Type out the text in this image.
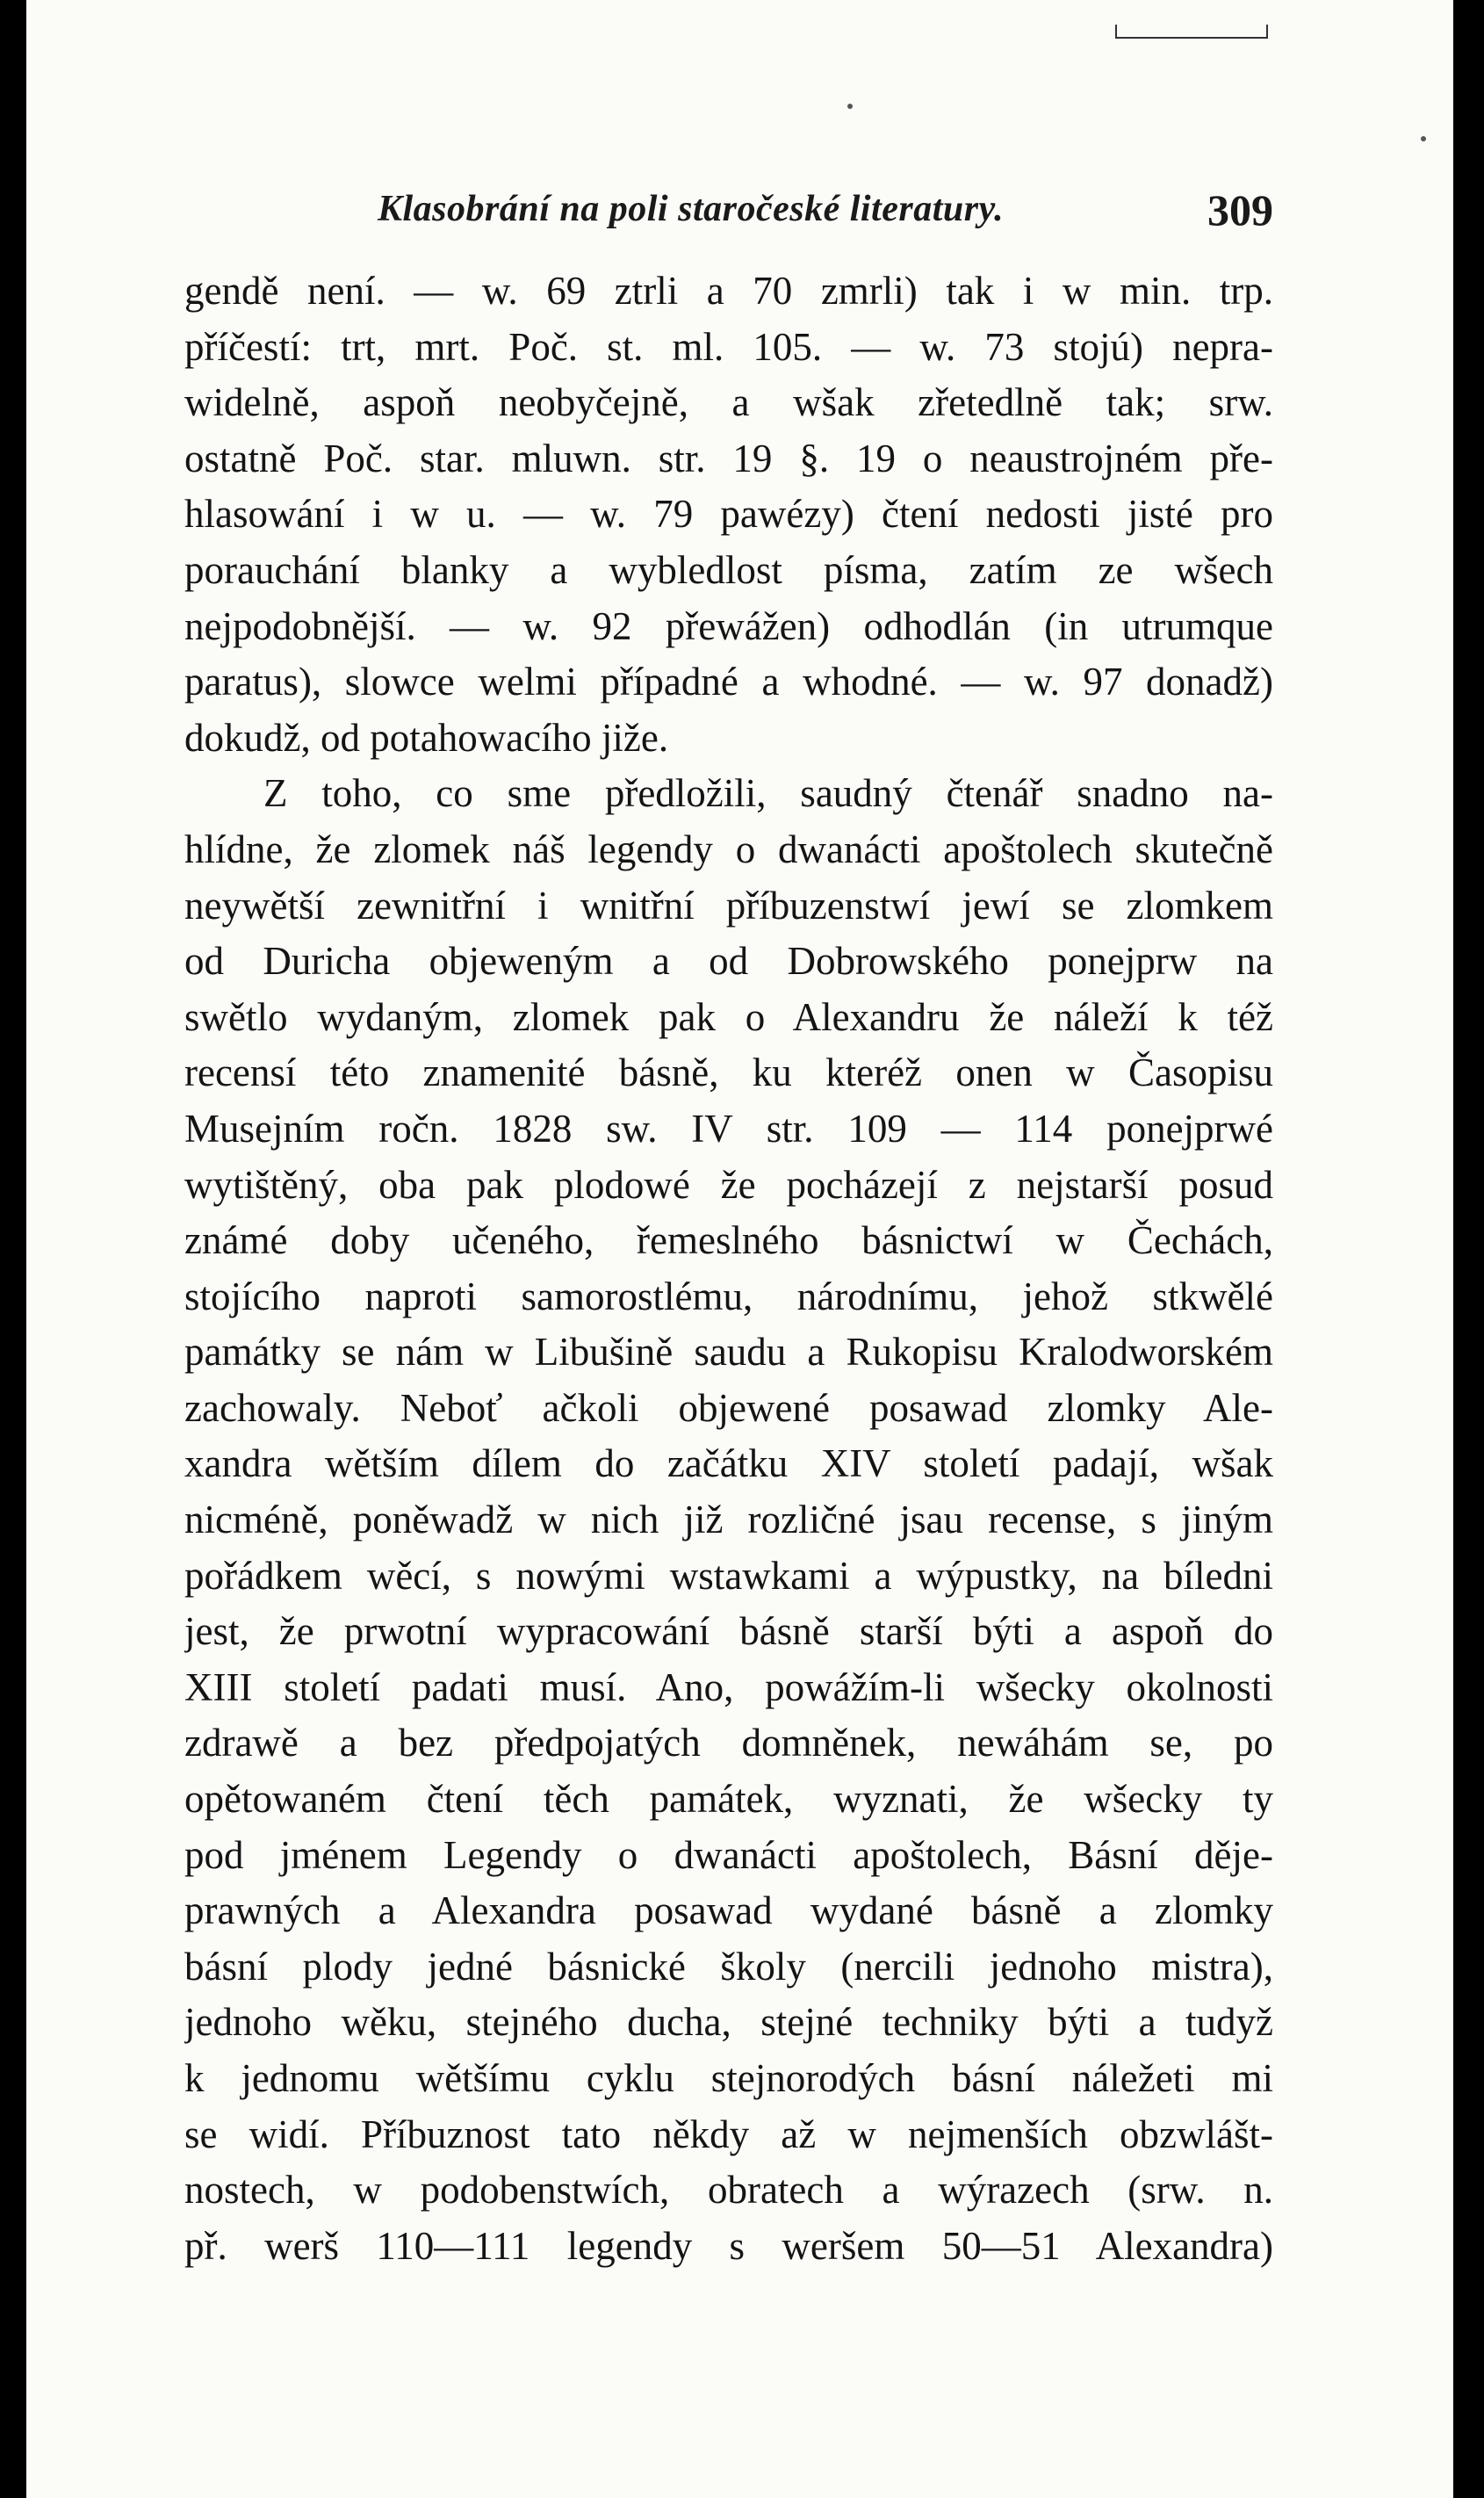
Klasobrání na poli staročeské literatury.	309
gendě není. — w. 69 ztrli a 70 zmrli) tak i w min. trp.
příčestí: trt, mrt. Poč. st. ml. 105. — w. 73 stojú) nepra-
widelně, aspoň neobyčejně, a wšak zřetedlně tak; srw.
ostatně Poč. star. mluwn. str. 19 §. 19 o neaustrojném pře-
hlasowání i w u. — w. 79 pawézy) čtení nedosti jisté pro
porauchání blanky a wybledlost písma, zatím ze wšech
nejpodobnější. — w. 92 přewážen) odhodlán (in utrumque
paratus), slowce welmi případné a whodné. — w. 97 donadž)
dokudž, od potahowacího jiže.
Z toho, co sme předložili, saudný čtenář snadno na-
hlídne, že zlomek náš legendy o dwanácti apoštolech skutečně
neywětší zewnitřní i wnitřní příbuzenstwí jewí se zlomkem
od Duricha objeweným a od Dobrowského ponejprw na
swětlo wydaným, zlomek pak o Alexandru že náleží k též
recensí této znamenité básně, ku kteréž onen w Časopisu
Musejním ročn. 1828 sw. IV str. 109 — 114 ponejprwé
wytištěný, oba pak plodowé že pocházejí z nejstarší posud
známé doby učeného, řemeslného básnictwí w Čechách,
stojícího naproti samorostlému, národnímu, jehož stkwělé
památky se nám w Libušině saudu a Rukopisu Kralodworském
zachowaly. Neboť ačkoli objewené posawad zlomky Ale-
xandra wětším dílem do začátku XIV století padají, wšak
nicméně, poněwadž w nich již rozličné jsau recense, s jiným
pořádkem wěcí, s nowými wstawkami a wýpustky, na bíledni
jest, že prwotní wypracowání básně starší býti a aspoň do
XIII století padati musí. Ano, powážím-li wšecky okolnosti
zdrawě a bez předpojatých domněnek, newáhám se, po
opětowaném čtení těch památek, wyznati, že wšecky ty
pod jménem Legendy o dwanácti apoštolech, Básní děje-
prawných a Alexandra posawad wydané básně a zlomky
básní plody jedné básnické školy (nercili jednoho mistra),
jednoho wěku, stejného ducha, stejné techniky býti a tudyž
k jednomu wětšímu cyklu stejnorodých básní náležeti mi
se widí. Příbuznost tato někdy až w nejmenších obzwlášt-
nostech, w podobenstwích, obratech a wýrazech (srw. n.
př. werš 110—111 legendy s weršem 50—51 Alexandra)
